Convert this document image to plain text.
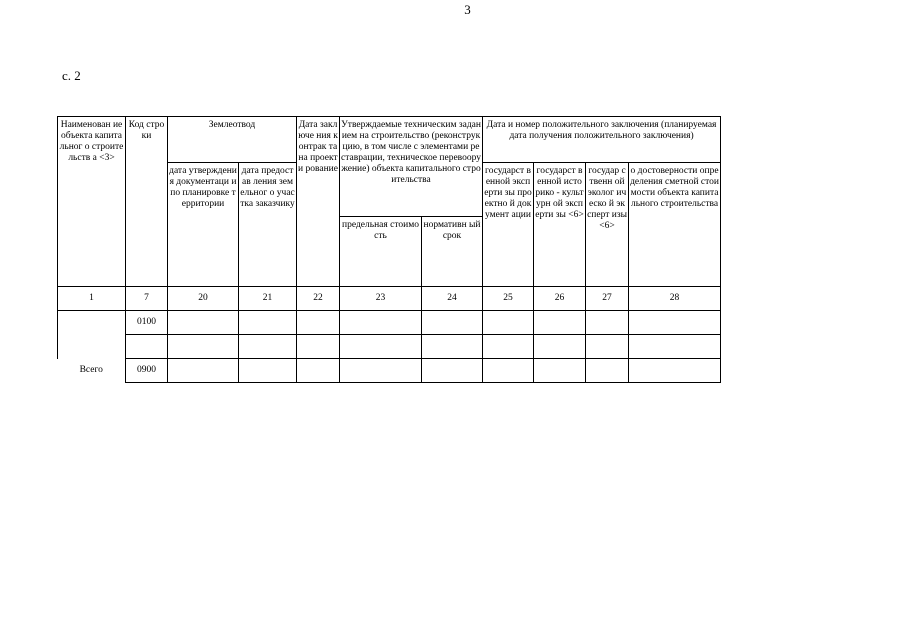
3
с. 2
Наименован ие объекта капитальног о строительств а <3>	Код строки	Землеотвод		Дата заключе ния контрак та на проекти рование	Утверждаемые техническим заданием на строительство (реконструкцию, в том числе с элементами реставрации, техническое перевооружение) объекта капитального строительства		Дата и номер положительного заключения (планируемая дата получения положительного заключения)			
		дата утверждения документаци и по планировке территории	дата предостав ления земельног о участка заказчику				государст венной эксперти зы проектно й документ ации	государст венной историко - культурн ой эксперти зы <6>	государ ственн ой эколог ическо й эксперт изы <6>	о достоверности определения сметной стоимости объекта капитального строительства
					предельная стоимость	нормативн ый срок				
1	7	20	21	22	23	24	25	26	27	28
	0100									

Всего	0900									
